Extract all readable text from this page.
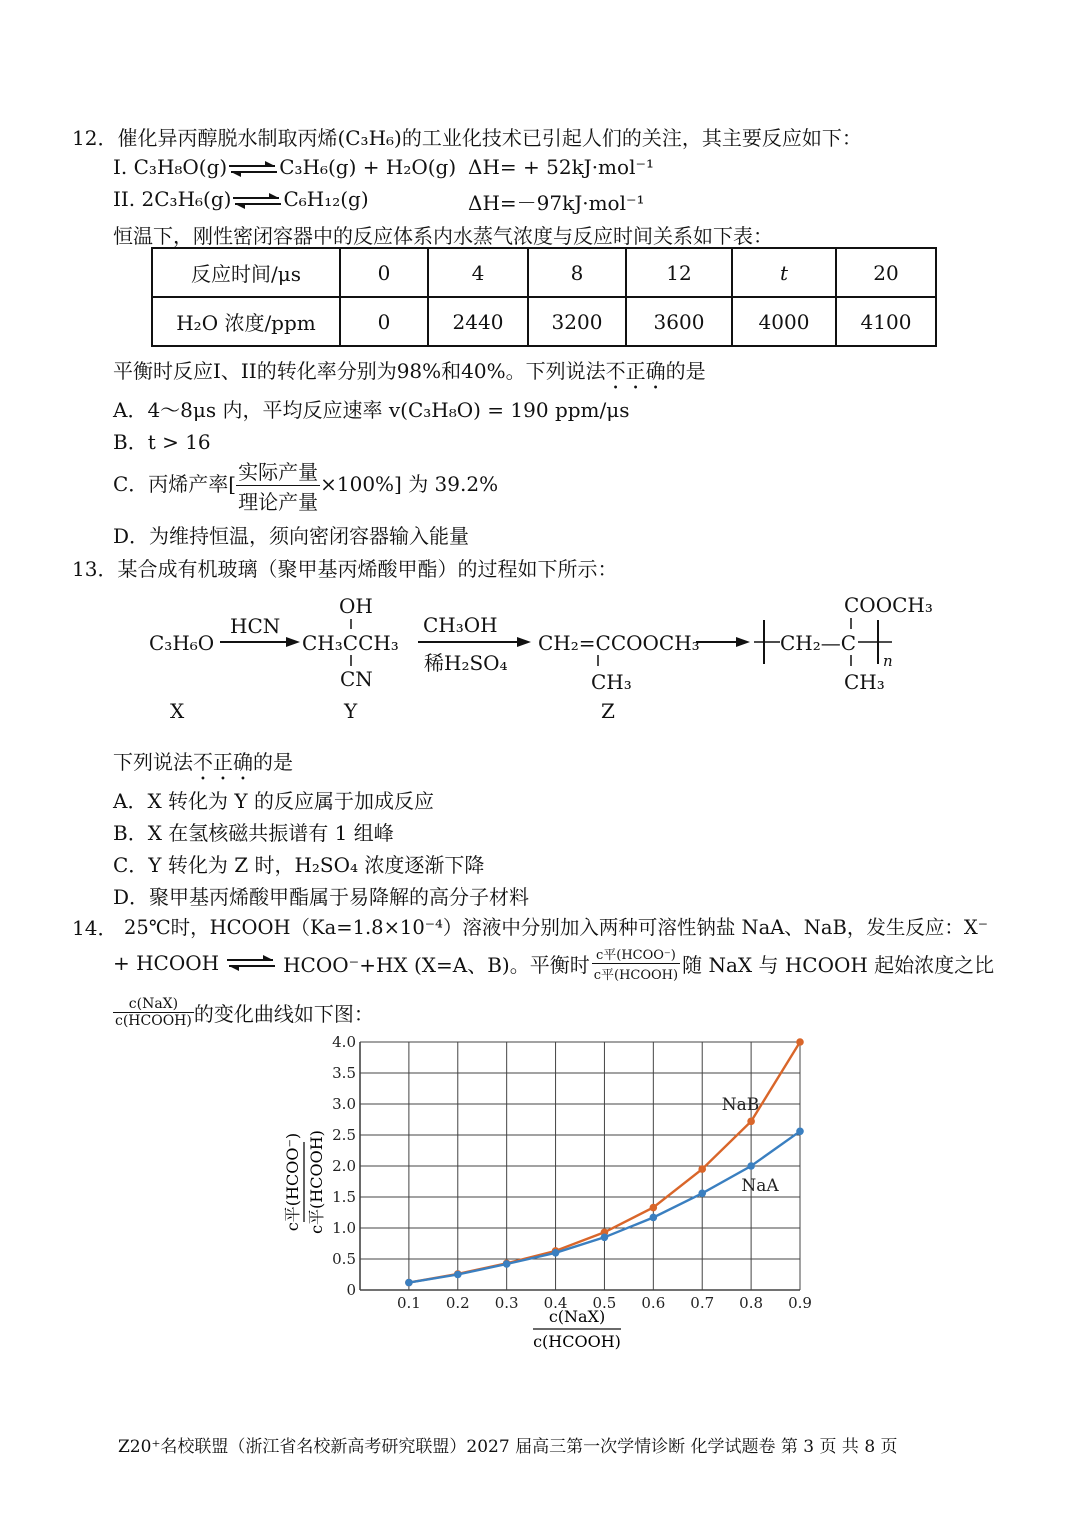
12．催化异丙醇脱水制取丙烯(C₃H₆)的工业化技术已引起人们的关注，其主要反应如下：
I. C₃H₈O(g)⇌C₃H₆(g) + H₂O(g) ΔH= + 52kJ·mol⁻¹
II. 2C₃H₆(g)⇌C₆H₁₂(g)	ΔH=－97kJ·mol⁻¹
恒温下，刚性密闭容器中的反应体系内水蒸气浓度与反应时间关系如下表：
反应时间/μs	0	4	8	12	t	20
H₂O 浓度/ppm	0	2440	3200	3600	4000	4100
平衡时反应I、II的转化率分别为98%和40%。下列说法不正确的是
A．4～8μs 内，平均反应速率 v(C₃H₈O) = 190 ppm/μs
B．t > 16
C．丙烯产率[ $\frac{\text{实际产量}}{\text{理论产量}} \times 100\%$] 为 39.2%
D．为维持恒温，须向密闭容器输入能量
13．某合成有机玻璃（聚甲基丙烯酸甲酯）的过程如下所示：
C₃H₆O
HCN
OH
CH₃CCH₃
CN
CH₃OH
稀H₂SO₄
CH₂=CCOOCH₃
CH₃
COOCH₃
CH₂—C
n
CH₃
X	Y	Z
下列说法不正确的是
A．X 转化为 Y 的反应属于加成反应
B．X 在氢核磁共振谱有 1 组峰
C．Y 转化为 Z 时，H₂SO₄ 浓度逐渐下降
D．聚甲基丙烯酸甲酯属于易降解的高分子材料
14． 25℃时，HCOOH（Ka=1.8×10⁻⁴）溶液中分别加入两种可溶性钠盐 NaA、NaB，发生反应：X⁻
+ HCOOH ⇌ HCOO⁻+HX (X=A、B)。平衡时 $\frac{\text{c平(HCOO⁻)}}{\text{c平(HCOOH)}}$ 随 NaX 与 HCOOH 起始浓度之比
$\frac{\text{c(NaX)}}{\text{c(HCOOH)}}$ 的变化曲线如下图：
0
0.5
1.0
1.5
2.0
2.5
3.0
3.5
4.0
0.1 0.2 0.3 0.4 0.5 0.6 0.7 0.8 0.9
NaB
NaA
c平(HCOO⁻) c平(HCOOH)
c(NaX)
c(HCOOH)
Z20⁺名校联盟（浙江省名校新高考研究联盟）2027 届高三第一次学情诊断 化学试题卷 第 3 页 共 8 页
